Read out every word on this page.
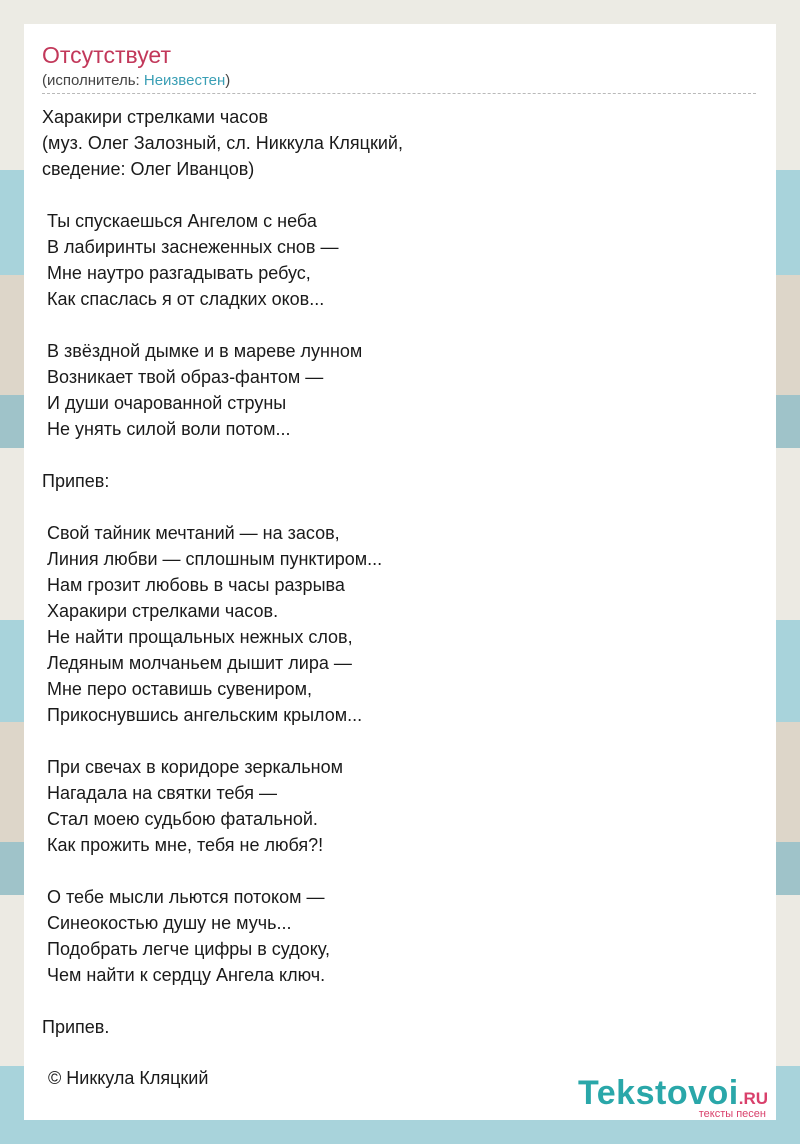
Отсутствует
(исполнитель: Неизвестен)
Харакири стрелками часов
(муз. Олег Залозный, сл. Никкула Кляцкий,
сведение: Олег Иванцов)

Ты спускаешься Ангелом с неба
В лабиринты заснеженных снов —
Мне наутро разгадывать ребус,
Как спаслась я от сладких оков...

В звёздной дымке и в мареве лунном
Возникает твой образ-фантом —
И души очарованной струны
Не унять силой воли потом...

Припев:

Свой тайник мечтаний — на засов,
Линия любви — сплошным пунктиром...
Нам грозит любовь в часы разрыва
Харакири стрелками часов.
Не найти прощальных нежных слов,
Ледяным молчаньем дышит лира —
Мне перо оставишь сувениром,
Прикоснувшись ангельским крылом...

При свечах в коридоре зеркальном
Нагадала на святки тебя —
Стал моею судьбою фатальной.
Как прожить мне, тебя не любя?!

О тебе мысли льются потоком —
Синеокостью душу не мучь...
Подобрать легче цифры в судоку,
Чем найти к сердцу Ангела ключ.

Припев.
© Никкула Кляцкий	Tekstovoi.RU
тексты песен
